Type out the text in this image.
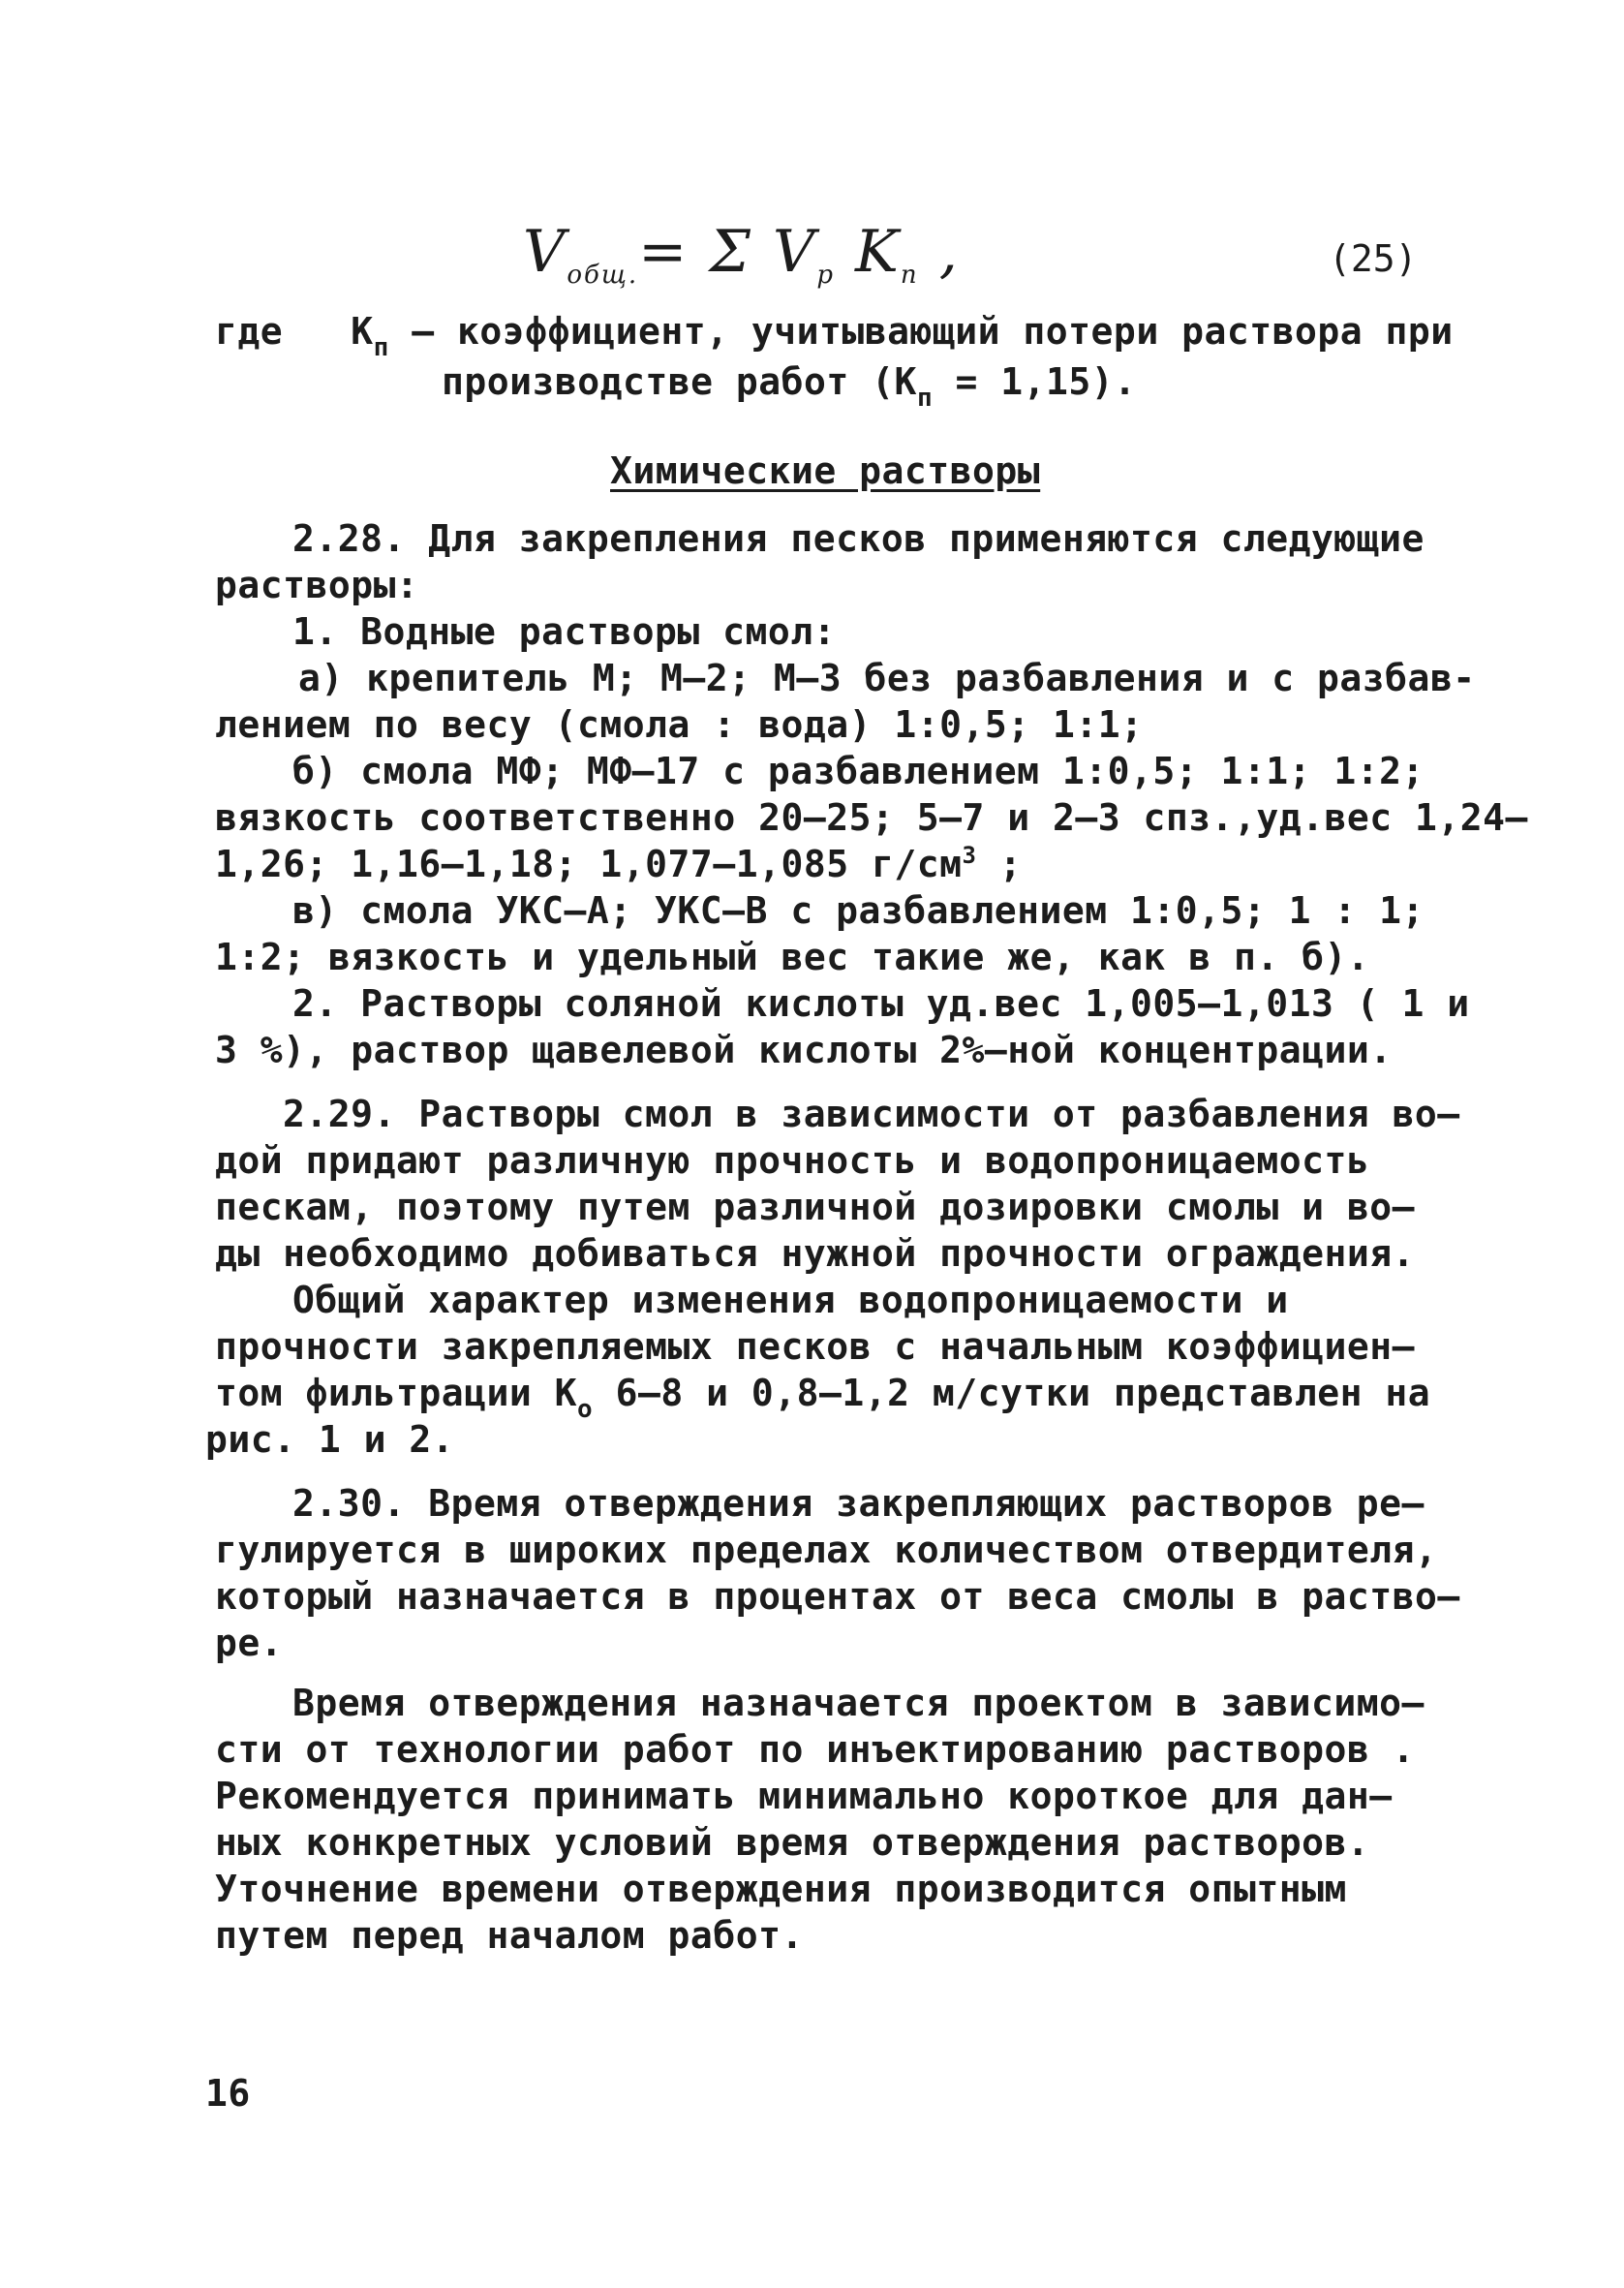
$V_{общ.}= \Sigma$ $V_р$ $K_п$ ,	(25)
где $K_п$ – коэффициент, учитывающий потери раствора при
производстве работ $(K_п = 1,15)$.
Химические растворы
2.28. Для закрепления песков применяются следующие
растворы:
1. Водные растворы смол:
а) крепитель М; М–2; М–3 без разбавления и с разбав-
лением по весу (смола : вода) 1:0,5; 1:1;
б) смола МФ; МФ–17 с разбавлением 1:0,5; 1:1; 1:2;
вязкость соответственно 20–25; 5–7 и 2–3 спз.,уд.вес 1,24–
1,26; 1,16–1,18; 1,077–1,085 $г/см^3$ ;
в) смола УКС–А; УКС–В с разбавлением 1:0,5; 1 : 1;
1:2; вязкость и удельный вес такие же, как в п. б).
2. Растворы соляной кислоты уд.вес 1,005–1,013 ( 1 и
3 %), раствор щавелевой кислоты 2%–ной концентрации.
2.29. Растворы смол в зависимости от разбавления во–
дой придают различную прочность и водопроницаемость
пескам, поэтому путем различной дозировки смолы и во–
ды необходимо добиваться нужной прочности ограждения.
Общий характер изменения водопроницаемости и
прочности закрепляемых песков с начальным коэффициен–
том фильтрации $K_о$ 6–8 и 0,8–1,2 м/сутки представлен на
рис. 1 и 2.
2.30. Время отверждения закрепляющих растворов ре–
гулируется в широких пределах количеством отвердителя,
который назначается в процентах от веса смолы в раство–
ре.
Время отверждения назначается проектом в зависимо–
сти от технологии работ по инъектированию растворов .
Рекомендуется принимать минимально короткое для дан–
ных конкретных условий время отверждения растворов.
Уточнение времени отверждения производится опытным
путем перед началом работ.
16
